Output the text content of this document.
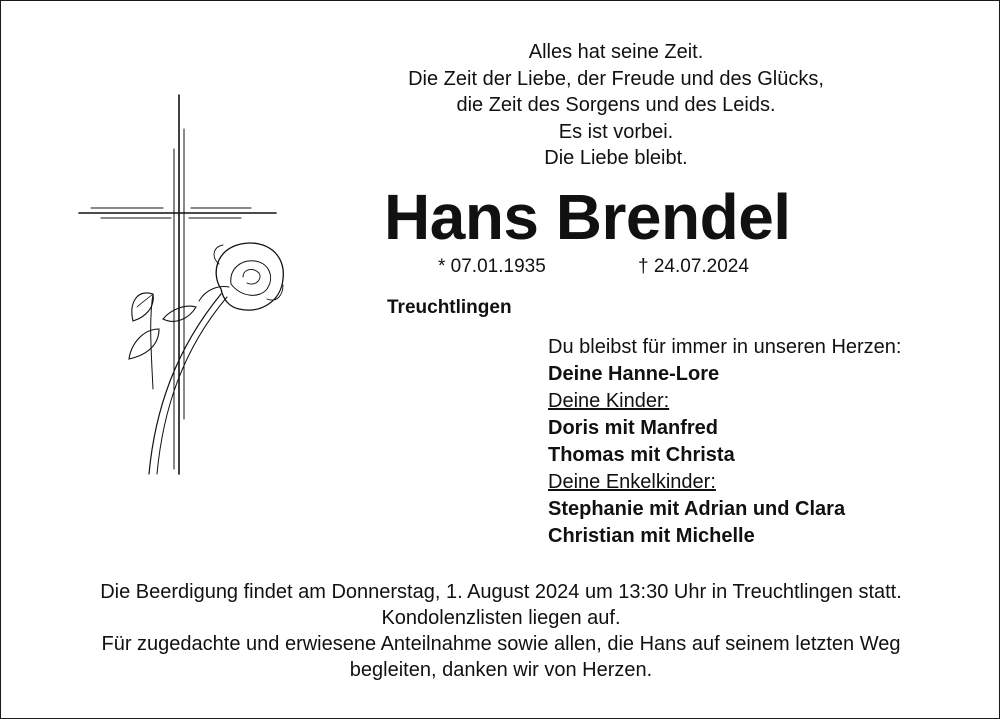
Alles hat seine Zeit.
Die Zeit der Liebe, der Freude und des Glücks,
die Zeit des Sorgens und des Leids.
Es ist vorbei.
Die Liebe bleibt.
Hans Brendel
* 07.01.1935	† 24.07.2024
Treuchtlingen
Du bleibst für immer in unseren Herzen:
Deine Hanne-Lore
Deine Kinder:
Doris mit Manfred
Thomas mit Christa
Deine Enkelkinder:
Stephanie mit Adrian und Clara
Christian mit Michelle
Die Beerdigung findet am Donnerstag, 1. August 2024 um 13:30 Uhr in Treuchtlingen statt.
Kondolenzlisten liegen auf.
Für zugedachte und erwiesene Anteilnahme sowie allen, die Hans auf seinem letzten Weg
begleiten, danken wir von Herzen.
